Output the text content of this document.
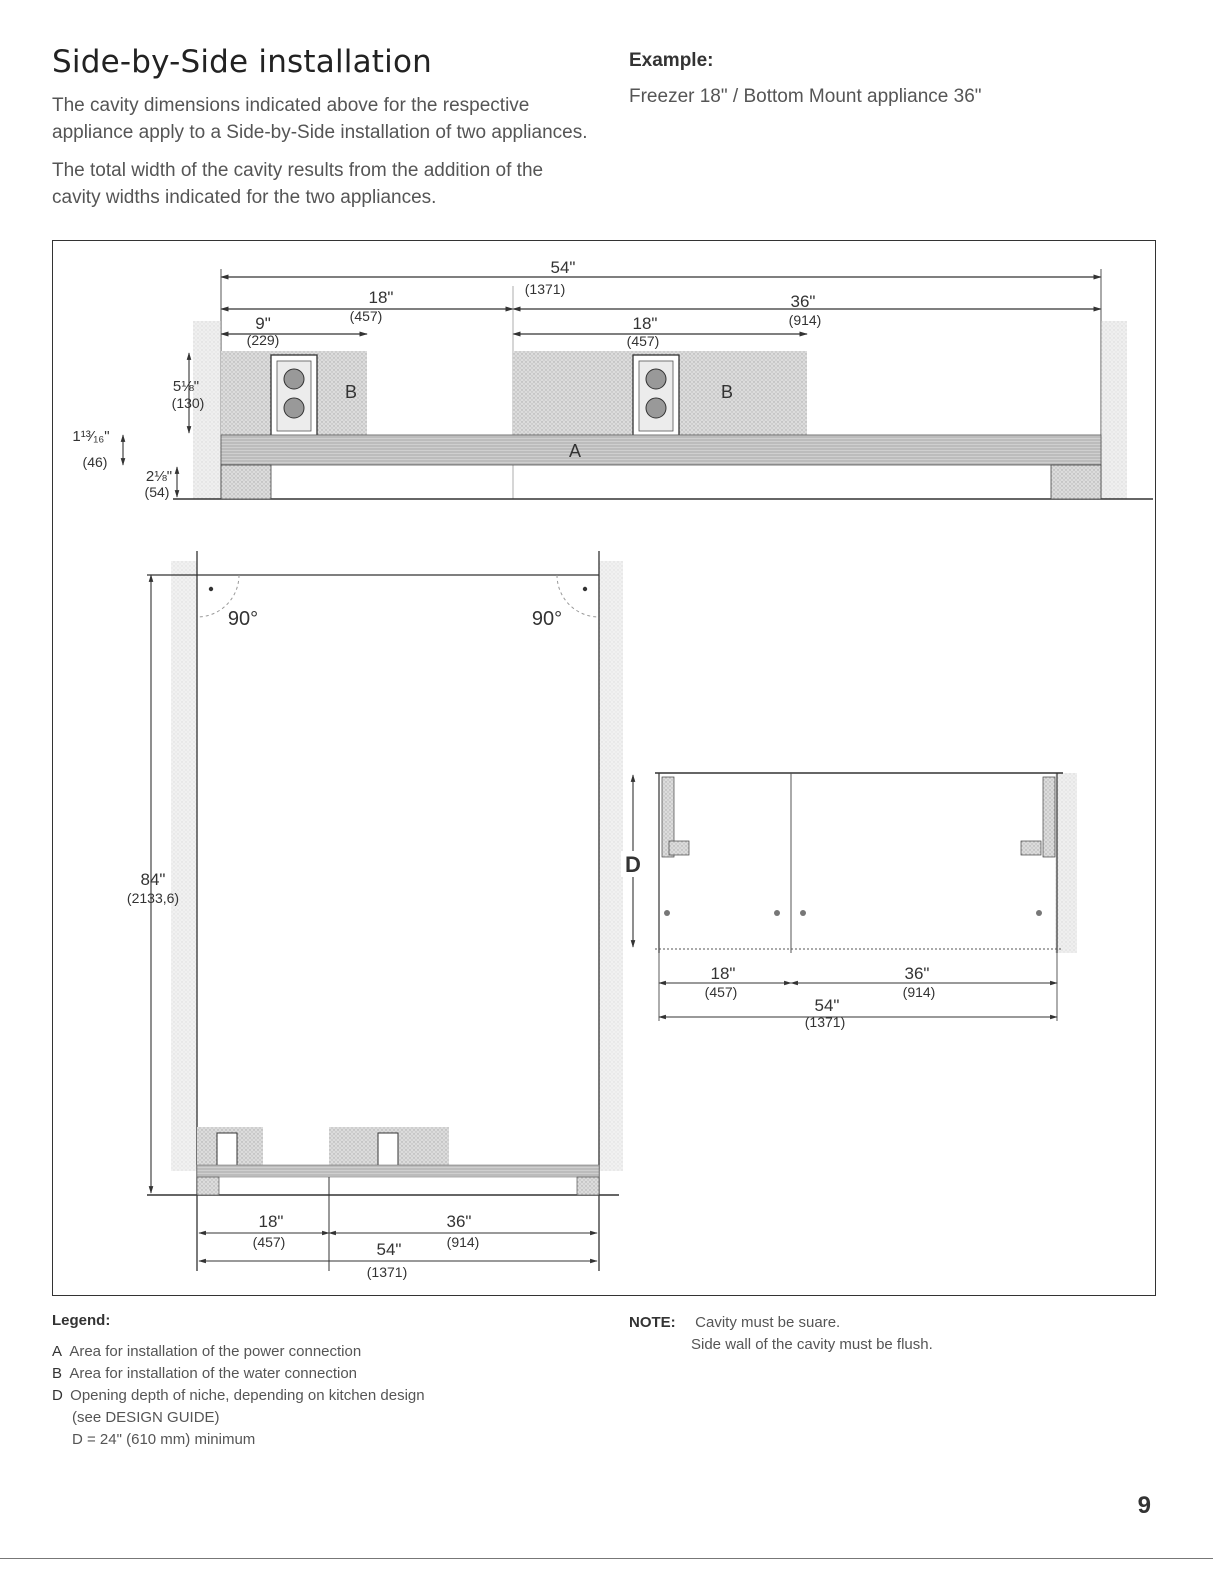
Side-by-Side installation

The cavity dimensions indicated above for the respective appliance apply to a Side-by-Side installation of two appliances.

The total width of the cavity results from the addition of the cavity widths indicated for the two appliances.

Example:
Freezer 18" / Bottom Mount appliance 36"
54"
(1371)
18"
(457)
36"
(914)
9"
(229)
18"
(457)
B	B
A
5⅛"
(130)
1¹³⁄₁₆"
(46)
2⅛"
(54)
90°	90°
84"
(2133,6)
18"
(457)
36"
(914)
54"
(1371)
D
18"
(457)
36"
(914)
54"
(1371)
Legend:
A Area for installation of the power connection
B Area for installation of the water connection
D Opening depth of niche, depending on kitchen design
(see DESIGN GUIDE)
D = 24" (610 mm) minimum
NOTE: Cavity must be suare.
Side wall of the cavity must be flush.
9
